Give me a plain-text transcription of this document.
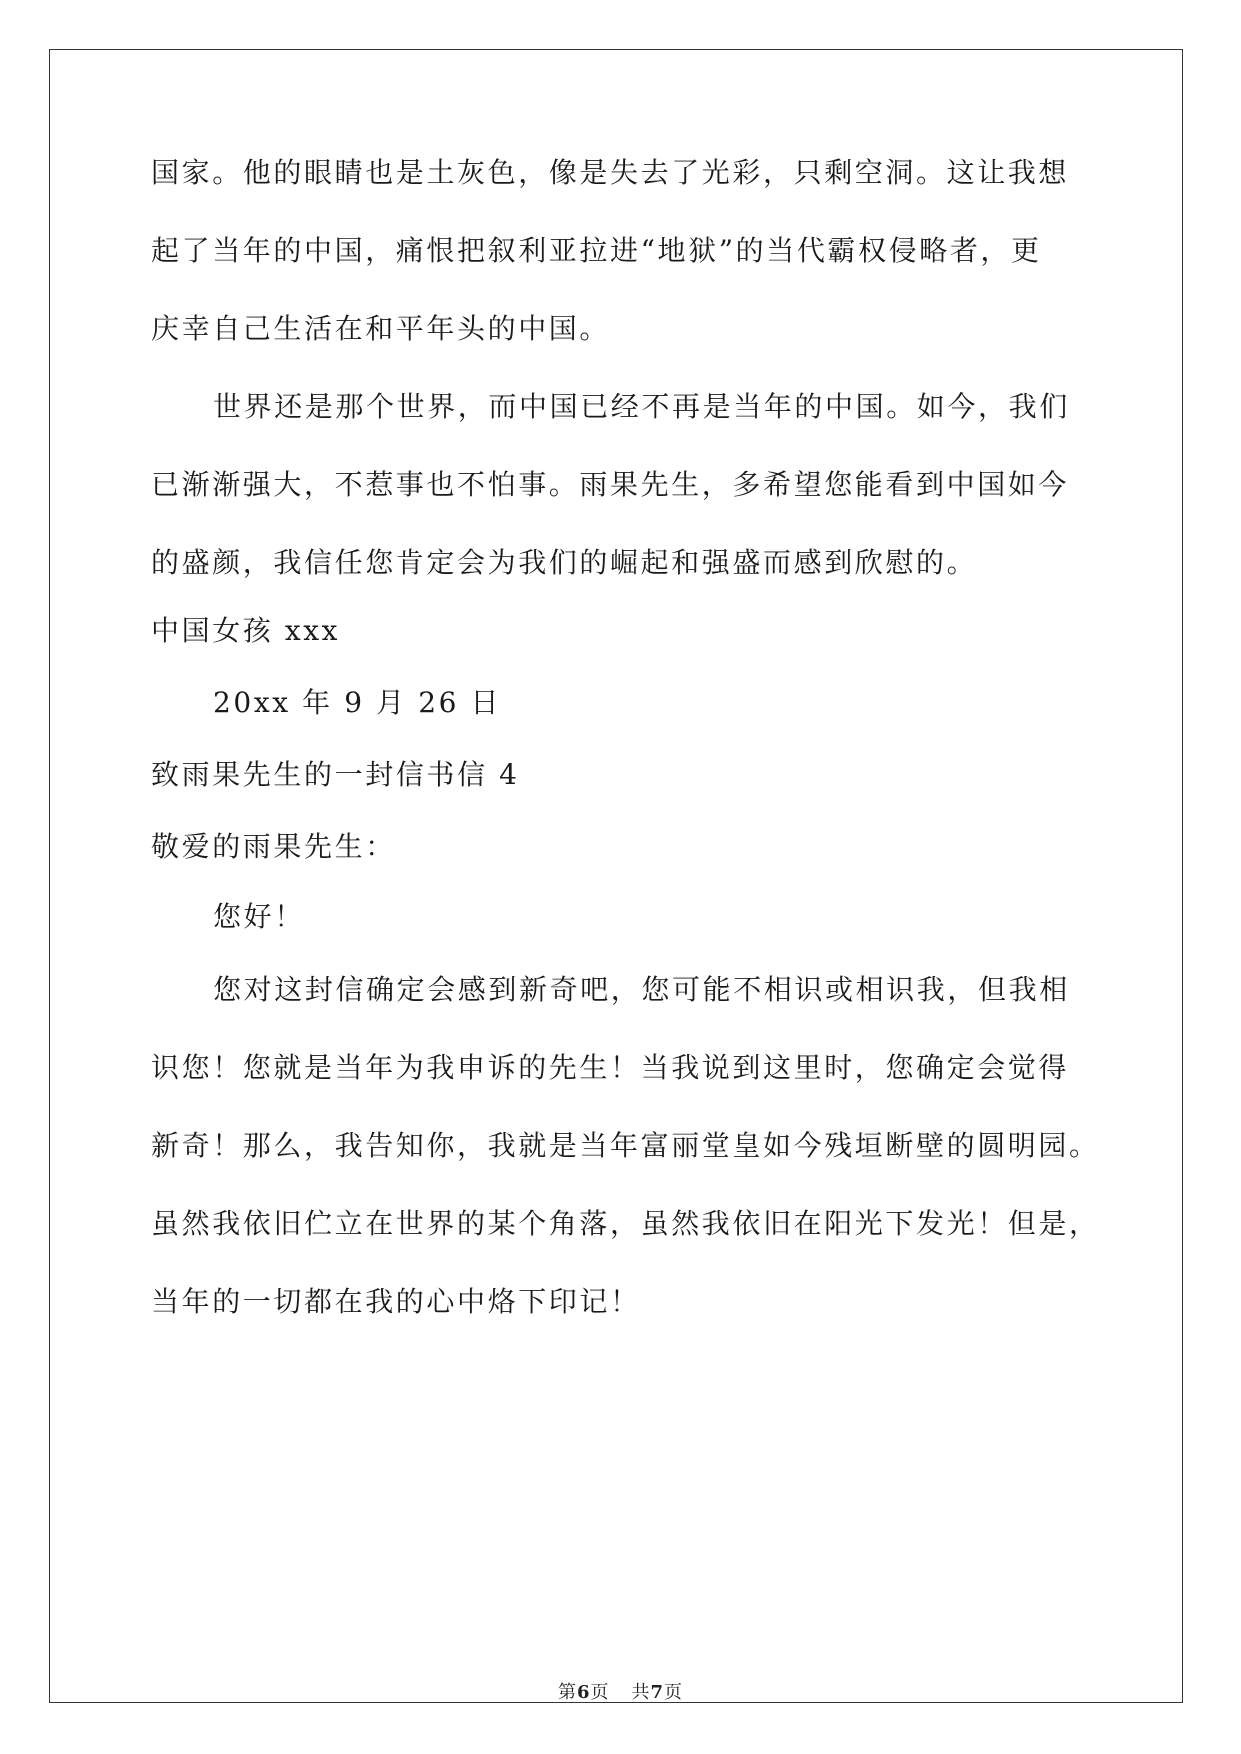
国家。他的眼睛也是土灰色，像是失去了光彩，只剩空洞。这让我想
起了当年的中国，痛恨把叙利亚拉进“地狱”的当代霸权侵略者，更
庆幸自己生活在和平年头的中国。
世界还是那个世界，而中国已经不再是当年的中国。如今，我们
已渐渐强大，不惹事也不怕事。雨果先生，多希望您能看到中国如今
的盛颜，我信任您肯定会为我们的崛起和强盛而感到欣慰的。
中国女孩 xxx
20xx 年 9 月 26 日
致雨果先生的一封信书信 4
敬爱的雨果先生：
您好！
您对这封信确定会感到新奇吧，您可能不相识或相识我，但我相
识您！您就是当年为我申诉的先生！当我说到这里时，您确定会觉得
新奇！那么，我告知你，我就是当年富丽堂皇如今残垣断壁的圆明园。
虽然我依旧伫立在世界的某个角落，虽然我依旧在阳光下发光！但是，
当年的一切都在我的心中烙下印记！
第6页 共7页
